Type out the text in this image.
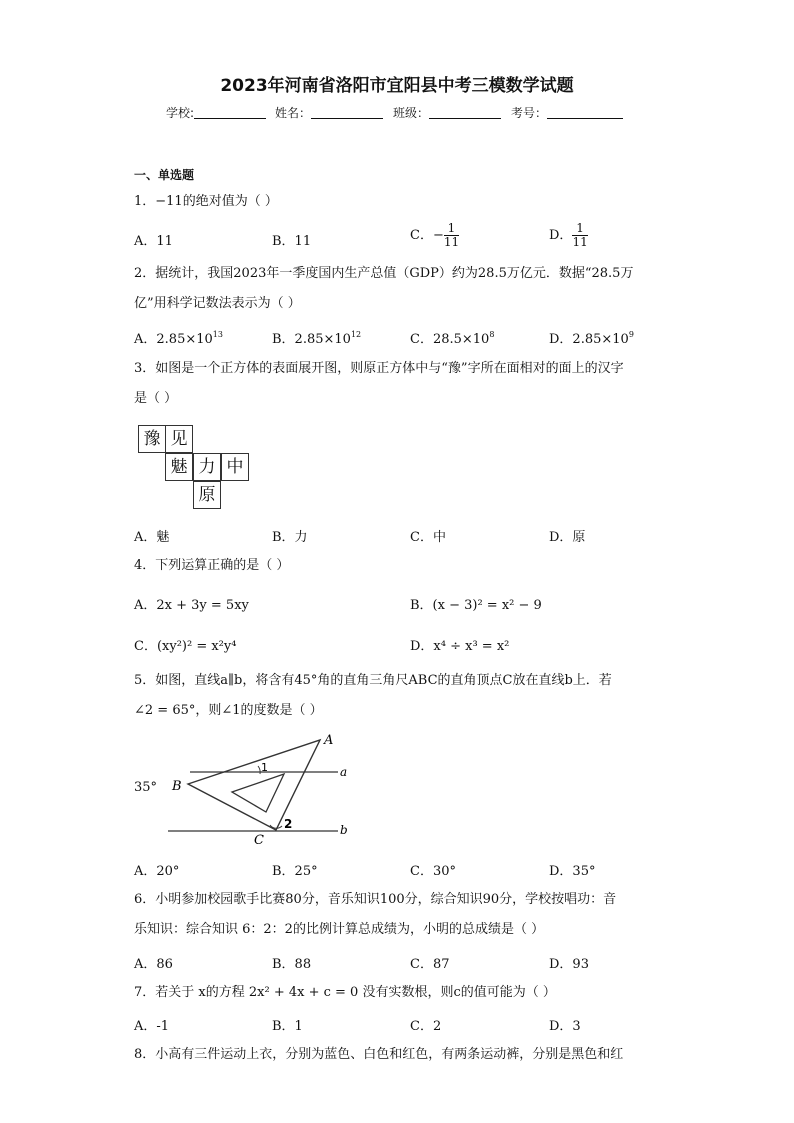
2023年河南省洛阳市宜阳县中考三模数学试题
学校:	姓名：	班级：	考号：
一、单选题
1．−11的绝对值为（ ）
A．11	B．11	C．− $\frac{1}{11}$	D． $\frac{1}{11}$
2．据统计，我国2023年一季度国内生产总值（GDP）约为28.5万亿元．数据“28.5万
亿”用科学记数法表示为（ ）
A．$2.85\times 10^{13}$	B．$2.85\times 10^{12}$	C．$28.5\times 10^8$	D．$2.85\times 10^9$
3．如图是一个正方体的表面展开图，则原正方体中与“豫”字所在面相对的面上的汉字
是（ ）
豫 见
魅 力 中
原
A．魅	B．力	C．中	D．原
4．下列运算正确的是（ ）
A．2x + 3y = 5xy	B．(x − 3)² = x² − 9
C．(xy²)² = x²y⁴	D．x⁴ ÷ x³ = x²
5．如图，直线a∥b，将含有45°角的直角三角尺ABC的直角顶点C放在直线b上．若
∠2 = 65°，则∠1的度数是（ ）
35°
A
B
C
a
b
1
2
A．20°	B．25°	C．30°	D．35°
6．小明参加校园歌手比赛80分，音乐知识100分，综合知识90分，学校按唱功：音
乐知识：综合知识 6：2：2的比例计算总成绩为，小明的总成绩是（ ）
A．86	B．88	C．87	D．93
7．若关于 x的方程 2x² + 4x + c = 0 没有实数根，则c的值可能为（ ）
A．-1	B．1	C．2	D．3
8．小高有三件运动上衣，分别为蓝色、白色和红色，有两条运动裤，分别是黑色和红
